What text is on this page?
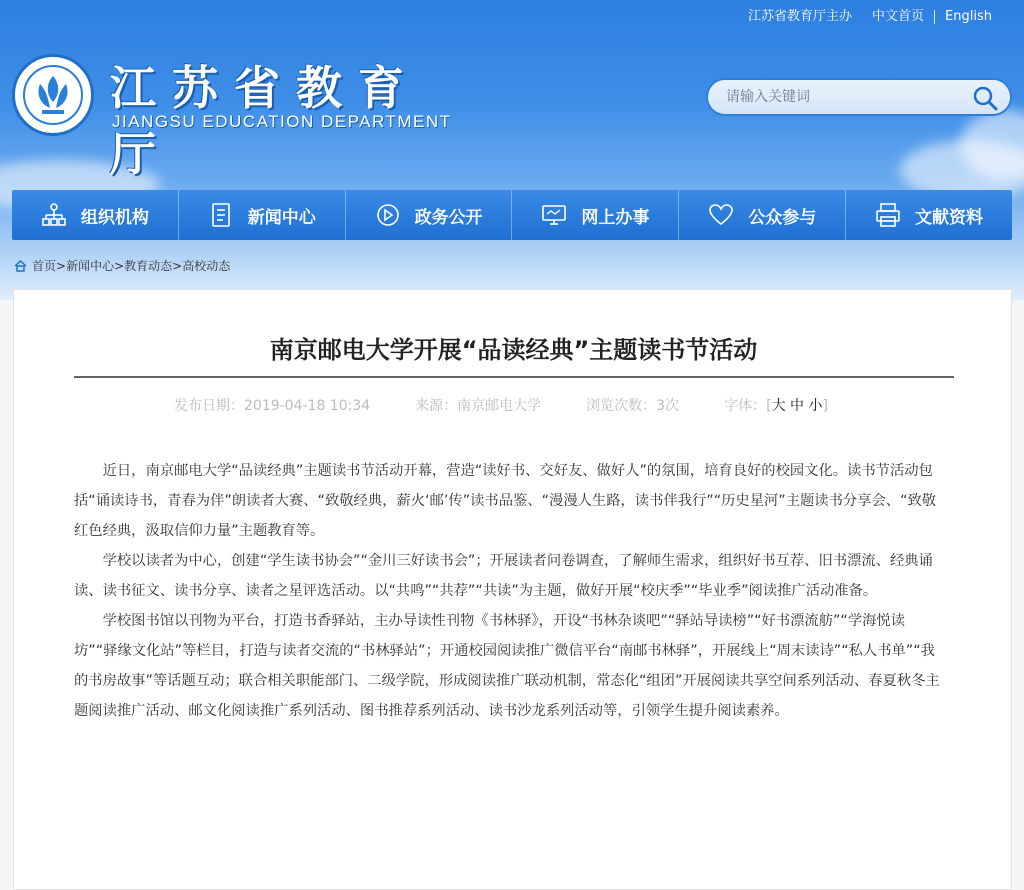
江苏省教育厅主办	中文首页	English
江苏省教育厅
JIANGSU EDUCATION DEPARTMENT
请输入关键词
组织机构	新闻中心	政务公开	网上办事	公众参与	文献资料
首页> 新闻中心> 教育动态> 高校动态
南京邮电大学开展“品读经典”主题读书节活动
发布日期：2019-04-18 10:34	来源：南京邮电大学	浏览次数：3次	字体：[大 中 小]

近日，南京邮电大学“品读经典”主题读书节活动开幕，营造“读好书、交好友、做好人”的氛围，培育良好的校园文化。读书节活动包括“诵读诗书，青春为伴”朗读者大赛、“致敬经典，薪火‘邮’传”读书品鉴、“漫漫人生路，读书伴我行”“历史星河”主题读书分享会、“致敬红色经典，汲取信仰力量”主题教育等。

学校以读者为中心，创建“学生读书协会”“金川三好读书会”；开展读者问卷调查，了解师生需求，组织好书互荐、旧书漂流、经典诵读、读书征文、读书分享、读者之星评选活动。以“共鸣”“共荐”“共读”为主题，做好开展“校庆季”“毕业季”阅读推广活动准备。

学校图书馆以刊物为平台，打造书香驿站，主办导读性刊物《书林驿》，开设“书林杂谈吧”“驿站导读榜”“好书漂流舫”“学海悦读坊”“驿缘文化站”等栏目，打造与读者交流的“书林驿站”；开通校园阅读推广微信平台“南邮书林驿”，开展线上“周末读诗”“私人书单”“我的书房故事”等话题互动；联合相关职能部门、二级学院，形成阅读推广联动机制，常态化“组团”开展阅读共享空间系列活动、春夏秋冬主题阅读推广活动、邮文化阅读推广系列活动、图书推荐系列活动、读书沙龙系列活动等，引领学生提升阅读素养。
